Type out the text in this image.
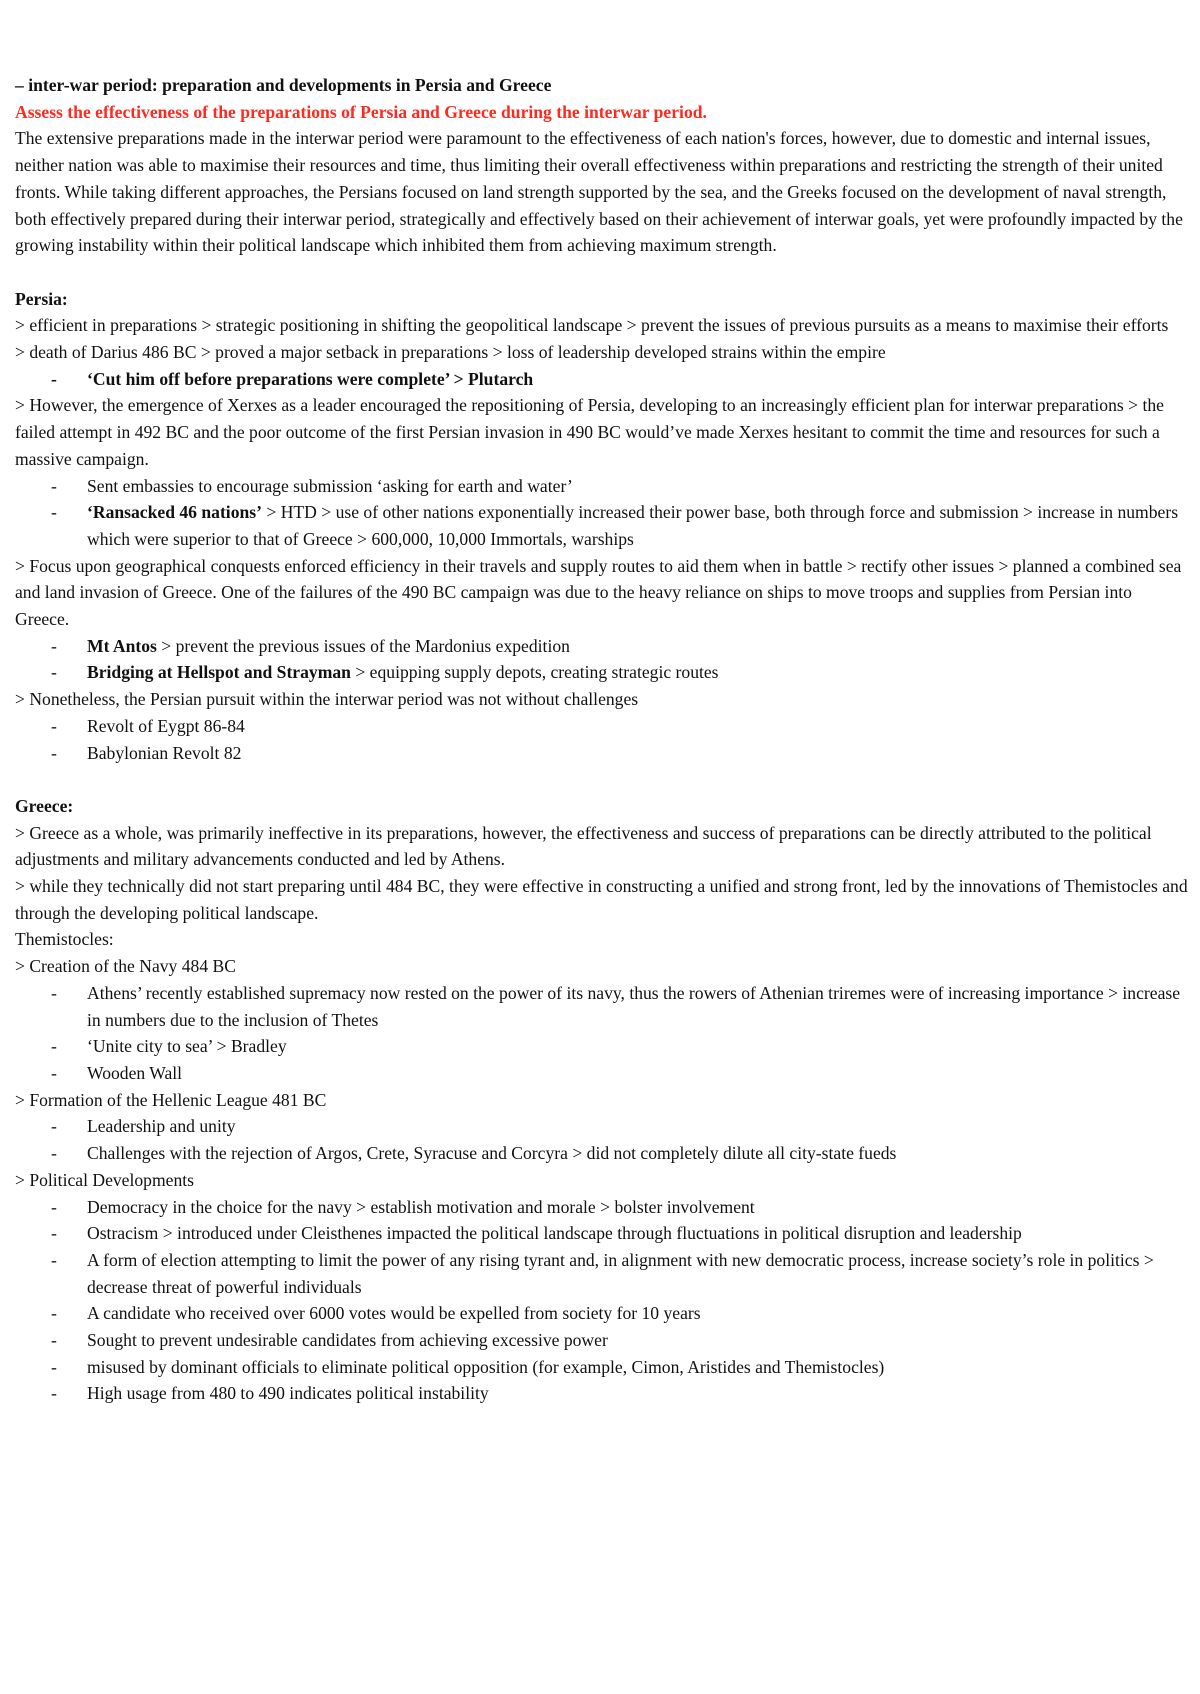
– inter-war period: preparation and developments in Persia and Greece

Assess the effectiveness of the preparations of Persia and Greece during the interwar period.

The extensive preparations made in the interwar period were paramount to the effectiveness of each nation's forces, however, due to domestic and internal issues, neither nation was able to maximise their resources and time, thus limiting their overall effectiveness within preparations and restricting the strength of their united fronts. While taking different approaches, the Persians focused on land strength supported by the sea, and the Greeks focused on the development of naval strength, both effectively prepared during their interwar period, strategically and effectively based on their achievement of interwar goals, yet were profoundly impacted by the growing instability within their political landscape which inhibited them from achieving maximum strength.

Persia:

> efficient in preparations > strategic positioning in shifting the geopolitical landscape > prevent the issues of previous pursuits as a means to maximise their efforts

> death of Darius 486 BC > proved a major setback in preparations > loss of leadership developed strains within the empire

- ‘Cut him off before preparations were complete’ > Plutarch

> However, the emergence of Xerxes as a leader encouraged the repositioning of Persia, developing to an increasingly efficient plan for interwar preparations > the failed attempt in 492 BC and the poor outcome of the first Persian invasion in 490 BC would’ve made Xerxes hesitant to commit the time and resources for such a massive campaign.

- Sent embassies to encourage submission ‘asking for earth and water’

- ‘Ransacked 46 nations’ > HTD > use of other nations exponentially increased their power base, both through force and submission > increase in numbers which were superior to that of Greece > 600,000, 10,000 Immortals, warships

> Focus upon geographical conquests enforced efficiency in their travels and supply routes to aid them when in battle > rectify other issues > planned a combined sea and land invasion of Greece. One of the failures of the 490 BC campaign was due to the heavy reliance on ships to move troops and supplies from Persian into Greece.

- Mt Antos > prevent the previous issues of the Mardonius expedition

- Bridging at Hellspot and Strayman > equipping supply depots, creating strategic routes

> Nonetheless, the Persian pursuit within the interwar period was not without challenges

- Revolt of Eygpt 86-84

- Babylonian Revolt 82

Greece:

> Greece as a whole, was primarily ineffective in its preparations, however, the effectiveness and success of preparations can be directly attributed to the political adjustments and military advancements conducted and led by Athens.

> while they technically did not start preparing until 484 BC, they were effective in constructing a unified and strong front, led by the innovations of Themistocles and through the developing political landscape.

Themistocles:

> Creation of the Navy 484 BC

- Athens’ recently established supremacy now rested on the power of its navy, thus the rowers of Athenian triremes were of increasing importance > increase in numbers due to the inclusion of Thetes

- ‘Unite city to sea’ > Bradley

- Wooden Wall

> Formation of the Hellenic League 481 BC

- Leadership and unity

- Challenges with the rejection of Argos, Crete, Syracuse and Corcyra > did not completely dilute all city-state fueds

> Political Developments

- Democracy in the choice for the navy > establish motivation and morale > bolster involvement

- Ostracism > introduced under Cleisthenes impacted the political landscape through fluctuations in political disruption and leadership

- A form of election attempting to limit the power of any rising tyrant and, in alignment with new democratic process, increase society’s role in politics > decrease threat of powerful individuals

- A candidate who received over 6000 votes would be expelled from society for 10 years

- Sought to prevent undesirable candidates from achieving excessive power

- misused by dominant officials to eliminate political opposition (for example, Cimon, Aristides and Themistocles)

- High usage from 480 to 490 indicates political instability
